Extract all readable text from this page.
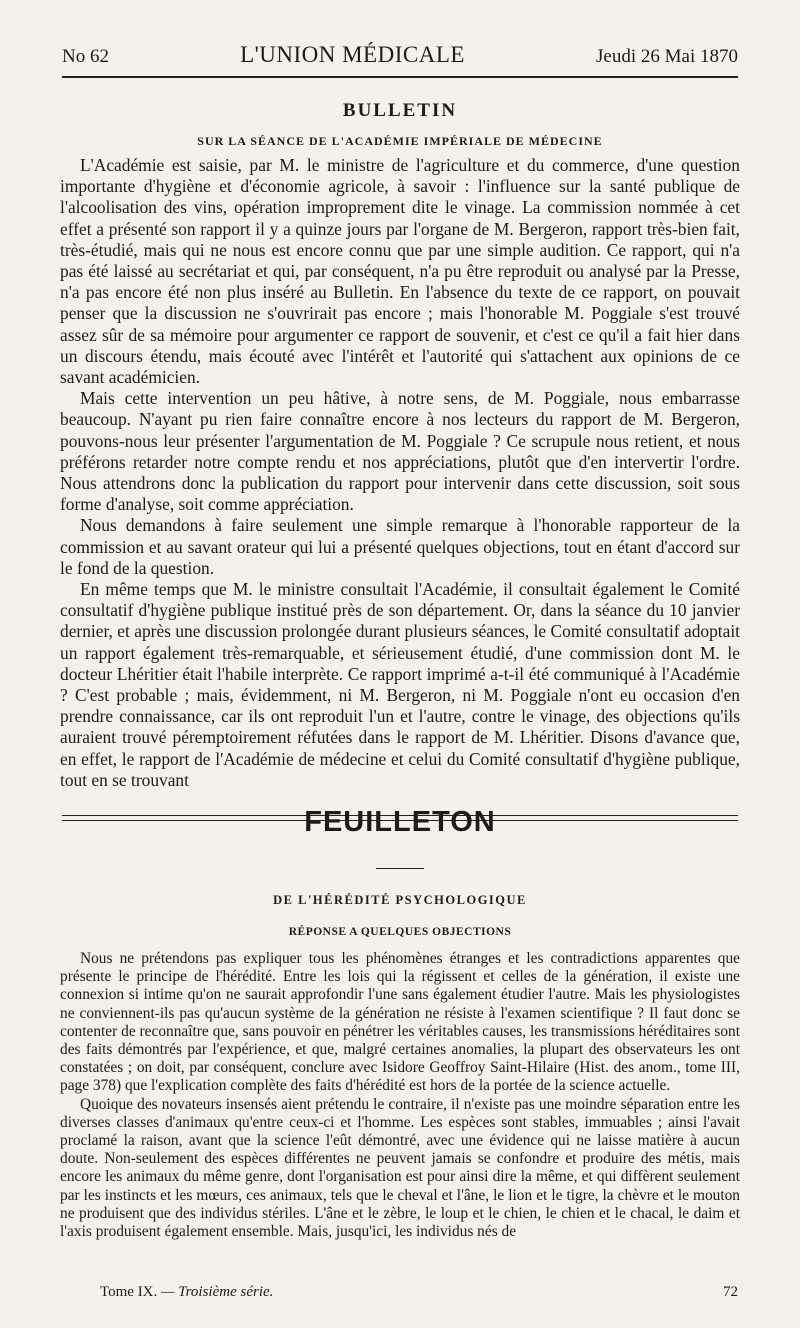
No 62	L'UNION MÉDICALE	Jeudi 26 Mai 1870
BULLETIN
SUR LA SÉANCE DE L'ACADÉMIE IMPÉRIALE DE MÉDECINE

L'Académie est saisie, par M. le ministre de l'agriculture et du commerce, d'une question importante d'hygiène et d'économie agricole, à savoir : l'influence sur la santé publique de l'alcoolisation des vins, opération improprement dite le vinage. La commission nommée à cet effet a présenté son rapport il y a quinze jours par l'organe de M. Bergeron, rapport très-bien fait, très-étudié, mais qui ne nous est encore connu que par une simple audition. Ce rapport, qui n'a pas été laissé au secrétariat et qui, par conséquent, n'a pu être reproduit ou analysé par la Presse, n'a pas encore été non plus inséré au Bulletin. En l'absence du texte de ce rapport, on pouvait penser que la discussion ne s'ouvrirait pas encore ; mais l'honorable M. Poggiale s'est trouvé assez sûr de sa mémoire pour argumenter ce rapport de souvenir, et c'est ce qu'il a fait hier dans un discours étendu, mais écouté avec l'intérêt et l'autorité qui s'attachent aux opinions de ce savant académicien.

Mais cette intervention un peu hâtive, à notre sens, de M. Poggiale, nous embarrasse beaucoup. N'ayant pu rien faire connaître encore à nos lecteurs du rapport de M. Bergeron, pouvons-nous leur présenter l'argumentation de M. Poggiale ? Ce scrupule nous retient, et nous préférons retarder notre compte rendu et nos appréciations, plutôt que d'en intervertir l'ordre. Nous attendrons donc la publication du rapport pour intervenir dans cette discussion, soit sous forme d'analyse, soit comme appréciation.

Nous demandons à faire seulement une simple remarque à l'honorable rapporteur de la commission et au savant orateur qui lui a présenté quelques objections, tout en étant d'accord sur le fond de la question.

En même temps que M. le ministre consultait l'Académie, il consultait également le Comité consultatif d'hygiène publique institué près de son département. Or, dans la séance du 10 janvier dernier, et après une discussion prolongée durant plusieurs séances, le Comité consultatif adoptait un rapport également très-remarquable, et sérieusement étudié, d'une commission dont M. le docteur Lhéritier était l'habile interprète. Ce rapport imprimé a-t-il été communiqué à l'Académie ? C'est probable ; mais, évidemment, ni M. Bergeron, ni M. Poggiale n'ont eu occasion d'en prendre connaissance, car ils ont reproduit l'un et l'autre, contre le vinage, des objections qu'ils auraient trouvé péremptoirement réfutées dans le rapport de M. Lhéritier. Disons d'avance que, en effet, le rapport de l'Académie de médecine et celui du Comité consultatif d'hygiène publique, tout en se trouvant

FEUILLETON
DE L'HÉRÉDITÉ PSYCHOLOGIQUE
RÉPONSE A QUELQUES OBJECTIONS

Nous ne prétendons pas expliquer tous les phénomènes étranges et les contradictions apparentes que présente le principe de l'hérédité. Entre les lois qui la régissent et celles de la génération, il existe une connexion si intime qu'on ne saurait approfondir l'une sans également étudier l'autre. Mais les physiologistes ne conviennent-ils pas qu'aucun système de la génération ne résiste à l'examen scientifique ? Il faut donc se contenter de reconnaître que, sans pouvoir en pénétrer les véritables causes, les transmissions héréditaires sont des faits démontrés par l'expérience, et que, malgré certaines anomalies, la plupart des observateurs les ont constatées ; on doit, par conséquent, conclure avec Isidore Geoffroy Saint-Hilaire (Hist. des anom., tome III, page 378) que l'explication complète des faits d'hérédité est hors de la portée de la science actuelle.

Quoique des novateurs insensés aient prétendu le contraire, il n'existe pas une moindre séparation entre les diverses classes d'animaux qu'entre ceux-ci et l'homme. Les espèces sont stables, immuables ; ainsi l'avait proclamé la raison, avant que la science l'eût démontré, avec une évidence qui ne laisse matière à aucun doute. Non-seulement des espèces différentes ne peuvent jamais se confondre et produire des métis, mais encore les animaux du même genre, dont l'organisation est pour ainsi dire la même, et qui diffèrent seulement par les instincts et les mœurs, ces animaux, tels que le cheval et l'âne, le lion et le tigre, la chèvre et le mouton ne produisent que des individus stériles. L'âne et le zèbre, le loup et le chien, le chien et le chacal, le daim et l'axis produisent également ensemble. Mais, jusqu'ici, les individus nés de

Tome IX. — Troisième série.	72
